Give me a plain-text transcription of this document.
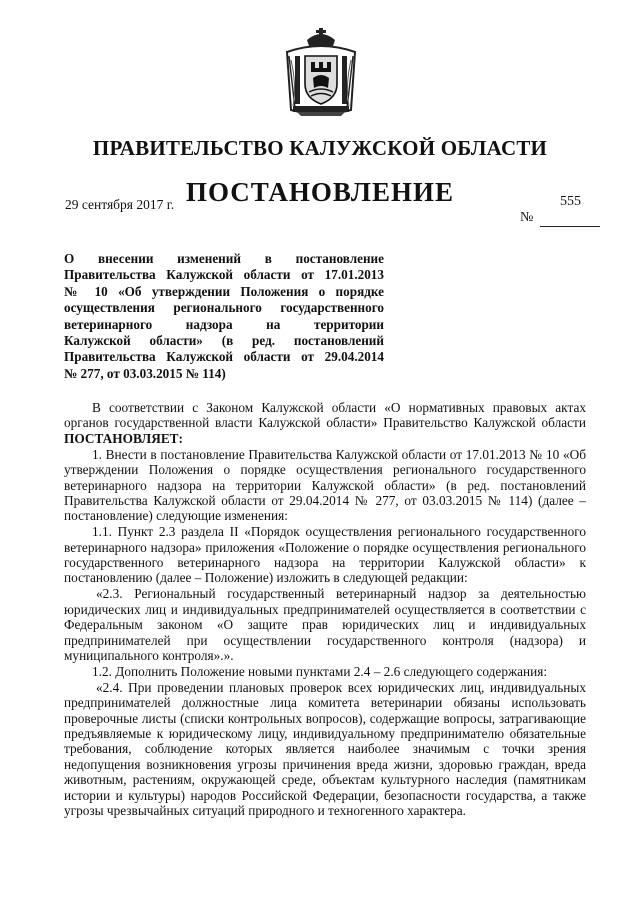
ПРАВИТЕЛЬСТВО КАЛУЖСКОЙ ОБЛАСТИ
ПОСТАНОВЛЕНИЕ
29 сентября 2017 г.	555
№
О внесении изменений в постановление
Правительства Калужской области от 17.01.2013
№ 10 «Об утверждении Положения о порядке
осуществления регионального государственного
ветеринарного надзора на территории
Калужской области» (в ред. постановлений
Правительства Калужской области от 29.04.2014
№ 277, от 03.03.2015 № 114)

В соответствии с Законом Калужской области «О нормативных правовых актах органов государственной власти Калужской области» Правительство Калужской области ПОСТАНОВЛЯЕТ:

1. Внести в постановление Правительства Калужской области от 17.01.2013 № 10 «Об утверждении Положения о порядке осуществления регионального государственного ветеринарного надзора на территории Калужской области» (в ред. постановлений Правительства Калужской области от 29.04.2014 № 277, от 03.03.2015 № 114) (далее – постановление) следующие изменения:

1.1. Пункт 2.3 раздела II «Порядок осуществления регионального государственного ветеринарного надзора» приложения «Положение о порядке осуществления регионального государственного ветеринарного надзора на территории Калужской области» к постановлению (далее – Положение) изложить в следующей редакции:

«2.3. Региональный государственный ветеринарный надзор за деятельностью юридических лиц и индивидуальных предпринимателей осуществляется в соответствии с Федеральным законом «О защите прав юридических лиц и индивидуальных предпринимателей при осуществлении государственного контроля (надзора) и муниципального контроля».».

1.2. Дополнить Положение новыми пунктами 2.4 – 2.6 следующего содержания:

«2.4. При проведении плановых проверок всех юридических лиц, индивидуальных предпринимателей должностные лица комитета ветеринарии обязаны использовать проверочные листы (списки контрольных вопросов), содержащие вопросы, затрагивающие предъявляемые к юридическому лицу, индивидуальному предпринимателю обязательные требования, соблюдение которых является наиболее значимым с точки зрения недопущения возникновения угрозы причинения вреда жизни, здоровью граждан, вреда животным, растениям, окружающей среде, объектам культурного наследия (памятникам истории и культуры) народов Российской Федерации, безопасности государства, а также угрозы чрезвычайных ситуаций природного и техногенного характера.
